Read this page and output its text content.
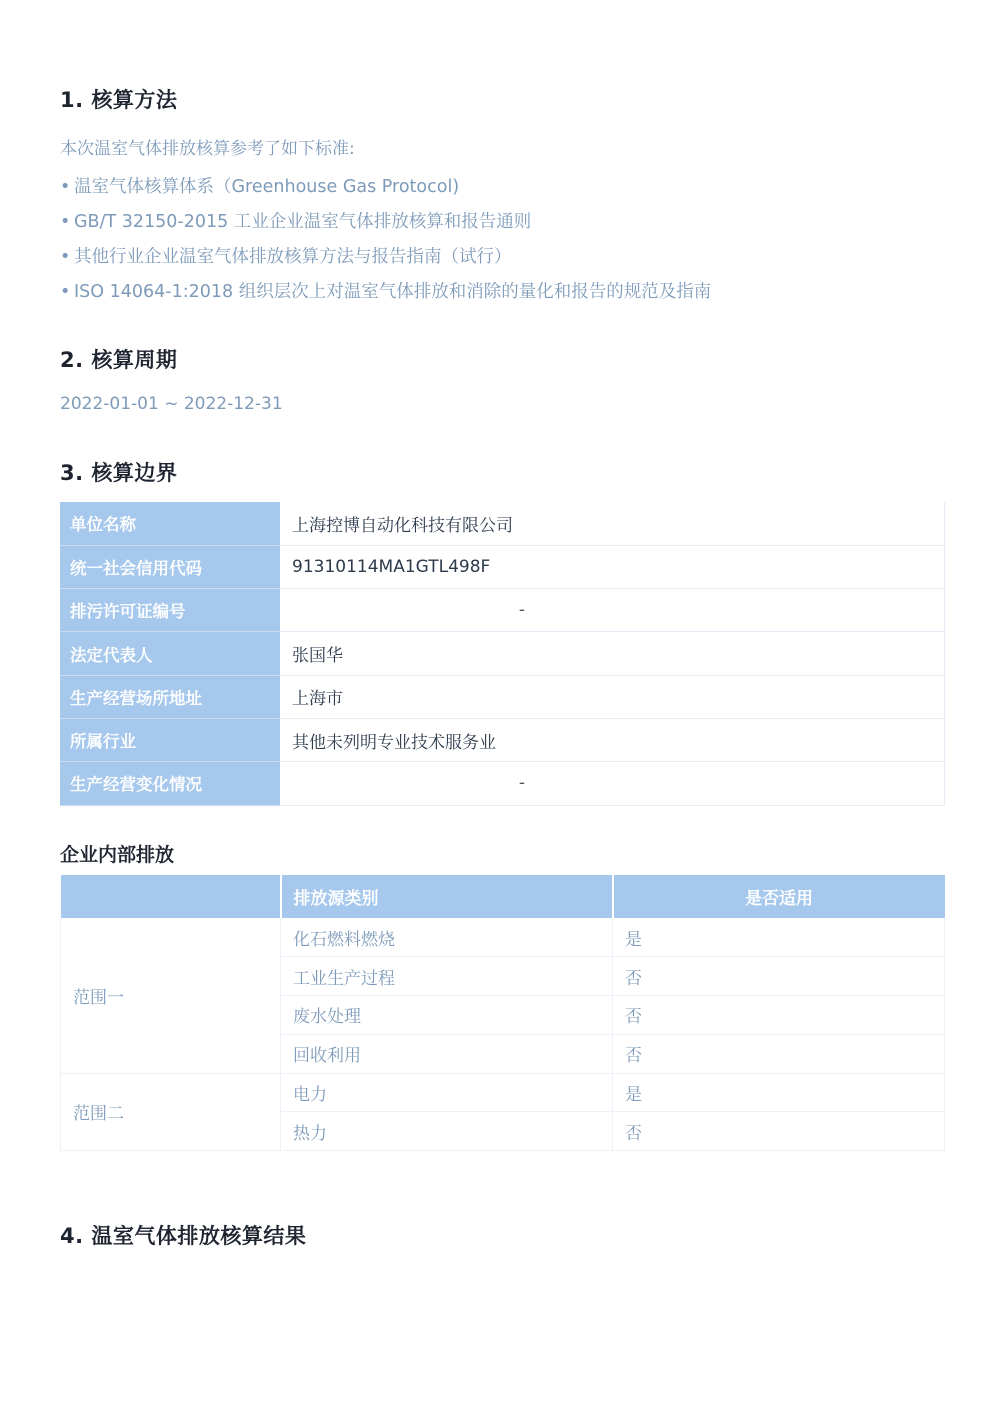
1. 核算方法
本次温室气体排放核算参考了如下标准:
• 温室气体核算体系（Greenhouse Gas Protocol)
• GB/T 32150-2015 工业企业温室气体排放核算和报告通则
• 其他行业企业温室气体排放核算方法与报告指南（试行）
• ISO 14064-1:2018 组织层次上对温室气体排放和消除的量化和报告的规范及指南
2. 核算周期
2022-01-01 ~ 2022-12-31
3. 核算边界
单位名称	上海控博自动化科技有限公司
统一社会信用代码	91310114MA1GTL498F
排污许可证编号	-
法定代表人	张国华
生产经营场所地址	上海市
所属行业	其他未列明专业技术服务业
生产经营变化情况	-
企业内部排放
	排放源类别	是否适用
范围一	化石燃料燃烧	是
	工业生产过程	否
	废水处理	否
	回收利用	否
范围二	电力	是
	热力	否
4. 温室气体排放核算结果
